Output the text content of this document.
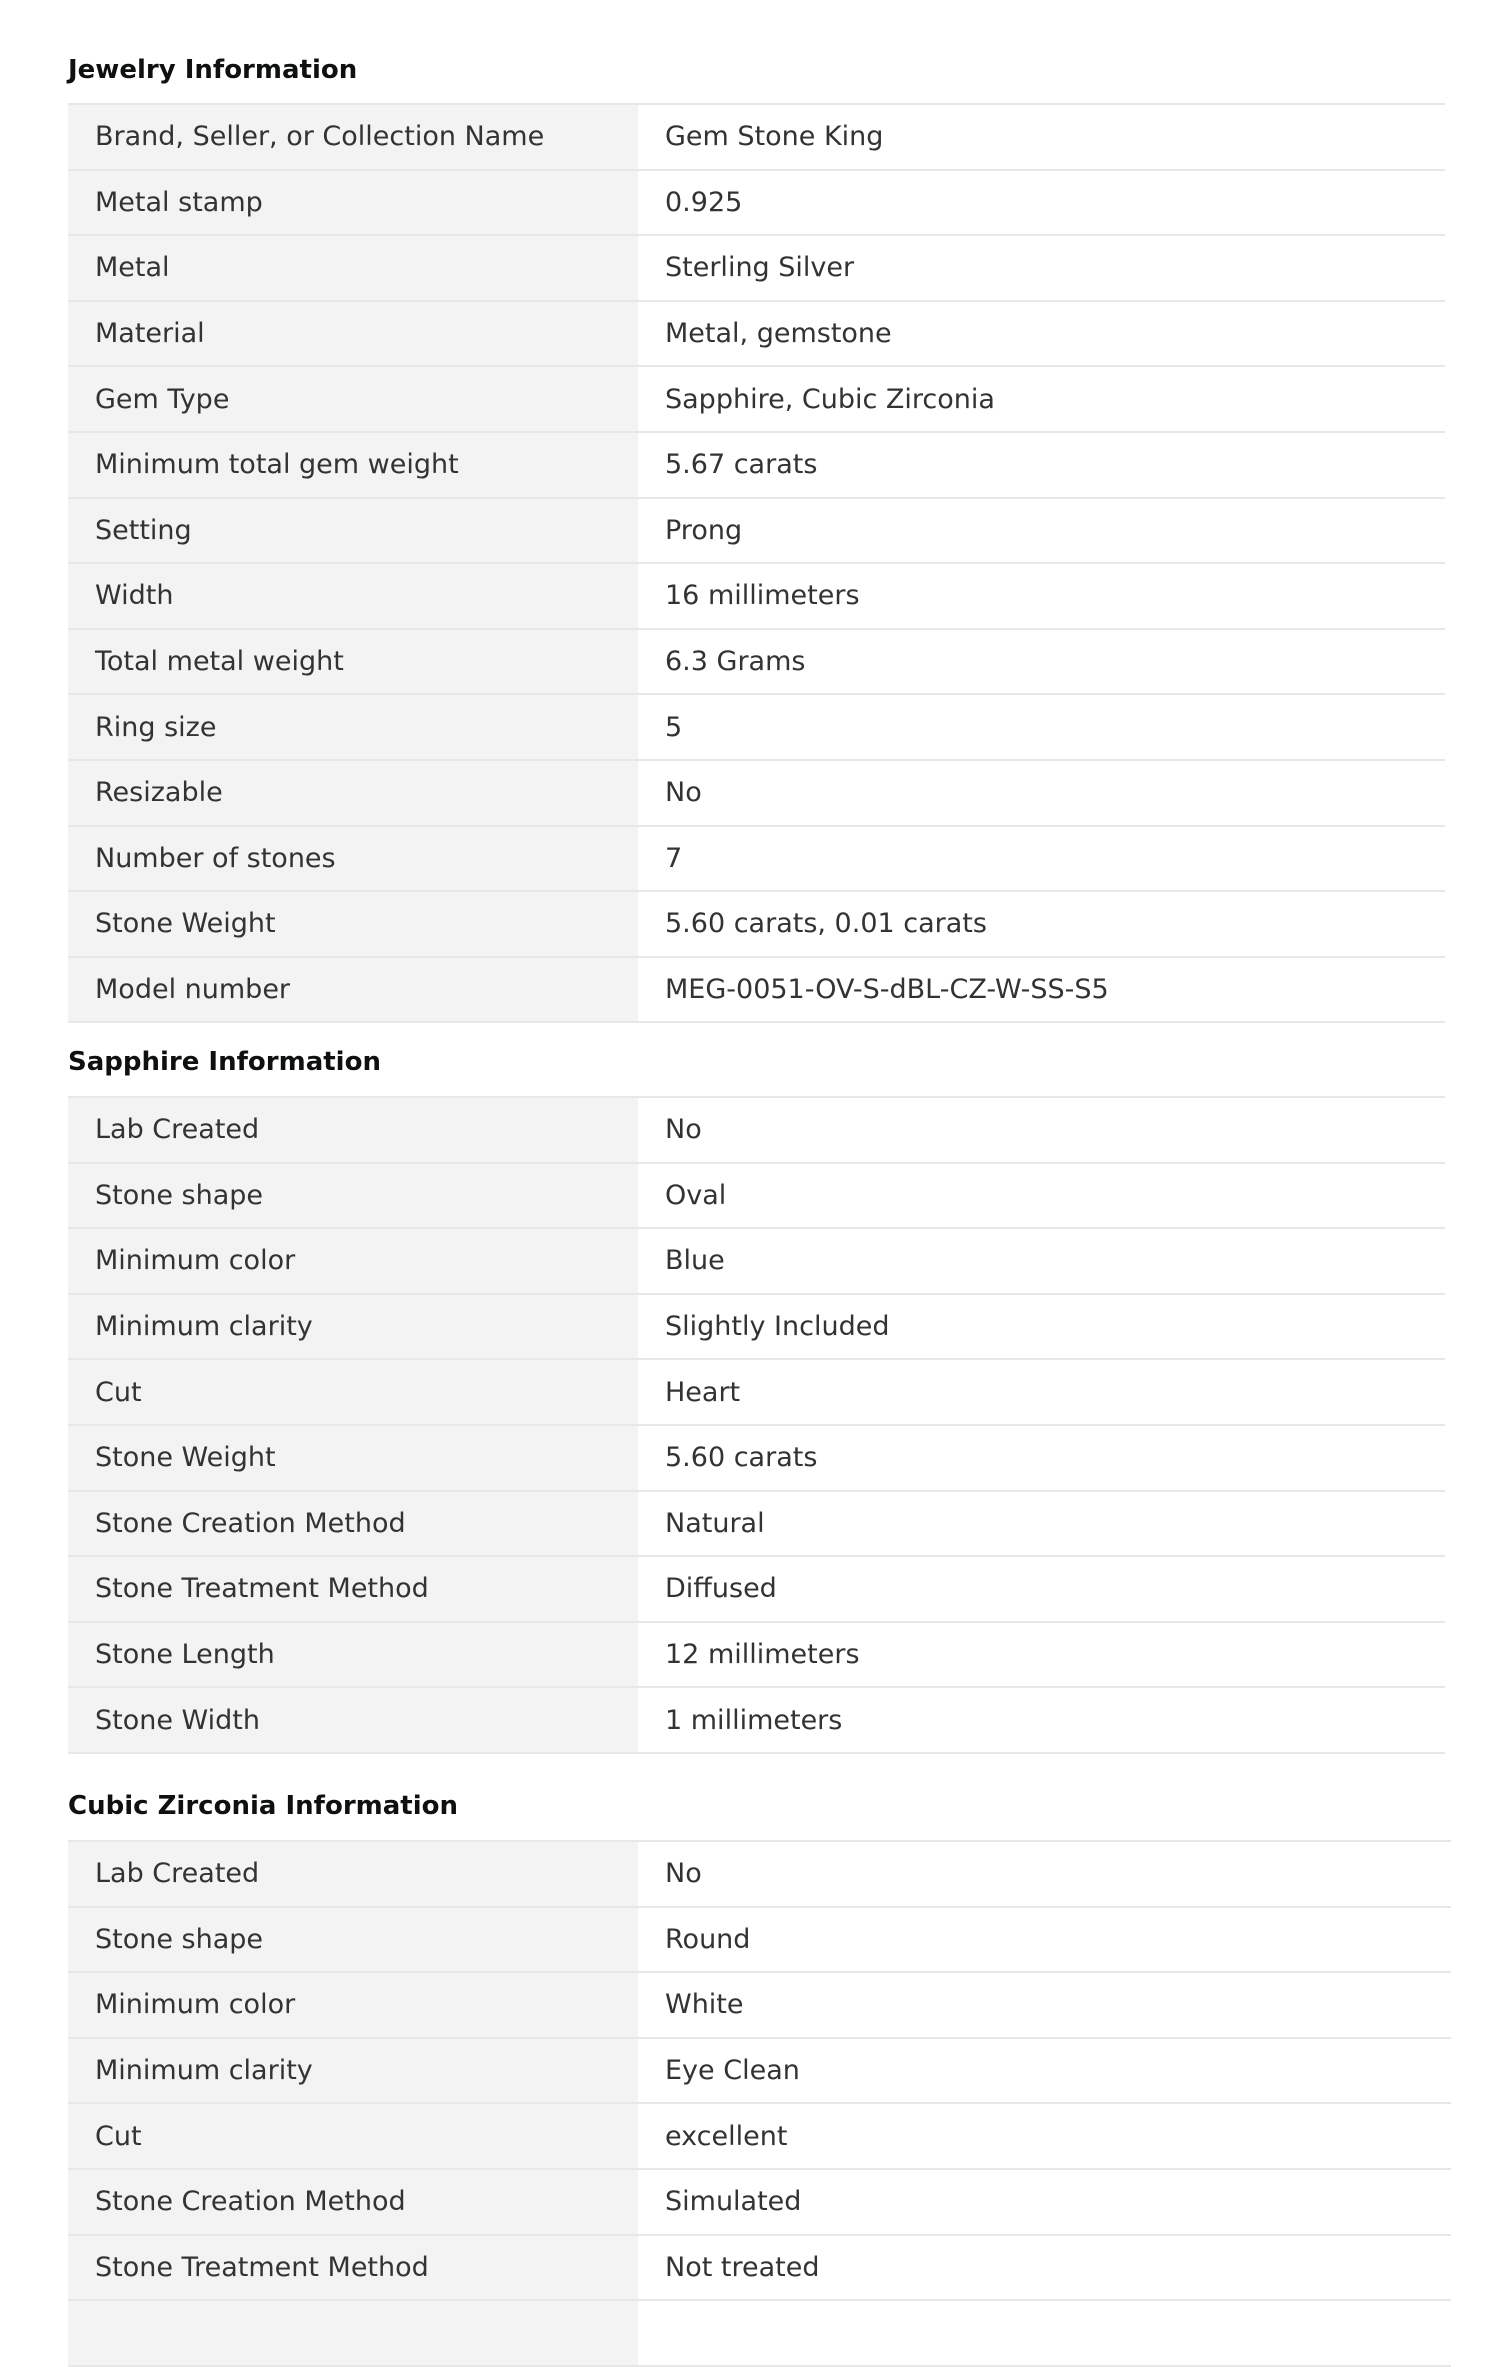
Jewelry Information
Brand, Seller, or Collection Name	Gem Stone King
Metal stamp	0.925
Metal	Sterling Silver
Material	Metal, gemstone
Gem Type	Sapphire, Cubic Zirconia
Minimum total gem weight	5.67 carats
Setting	Prong
Width	16 millimeters
Total metal weight	6.3 Grams
Ring size	5
Resizable	No
Number of stones	7
Stone Weight	5.60 carats, 0.01 carats
Model number	MEG-0051-OV-S-dBL-CZ-W-SS-S5
Sapphire Information
Lab Created	No
Stone shape	Oval
Minimum color	Blue
Minimum clarity	Slightly Included
Cut	Heart
Stone Weight	5.60 carats
Stone Creation Method	Natural
Stone Treatment Method	Diffused
Stone Length	12 millimeters
Stone Width	1 millimeters
Cubic Zirconia Information
Lab Created	No
Stone shape	Round
Minimum color	White
Minimum clarity	Eye Clean
Cut	excellent
Stone Creation Method	Simulated
Stone Treatment Method	Not treated
